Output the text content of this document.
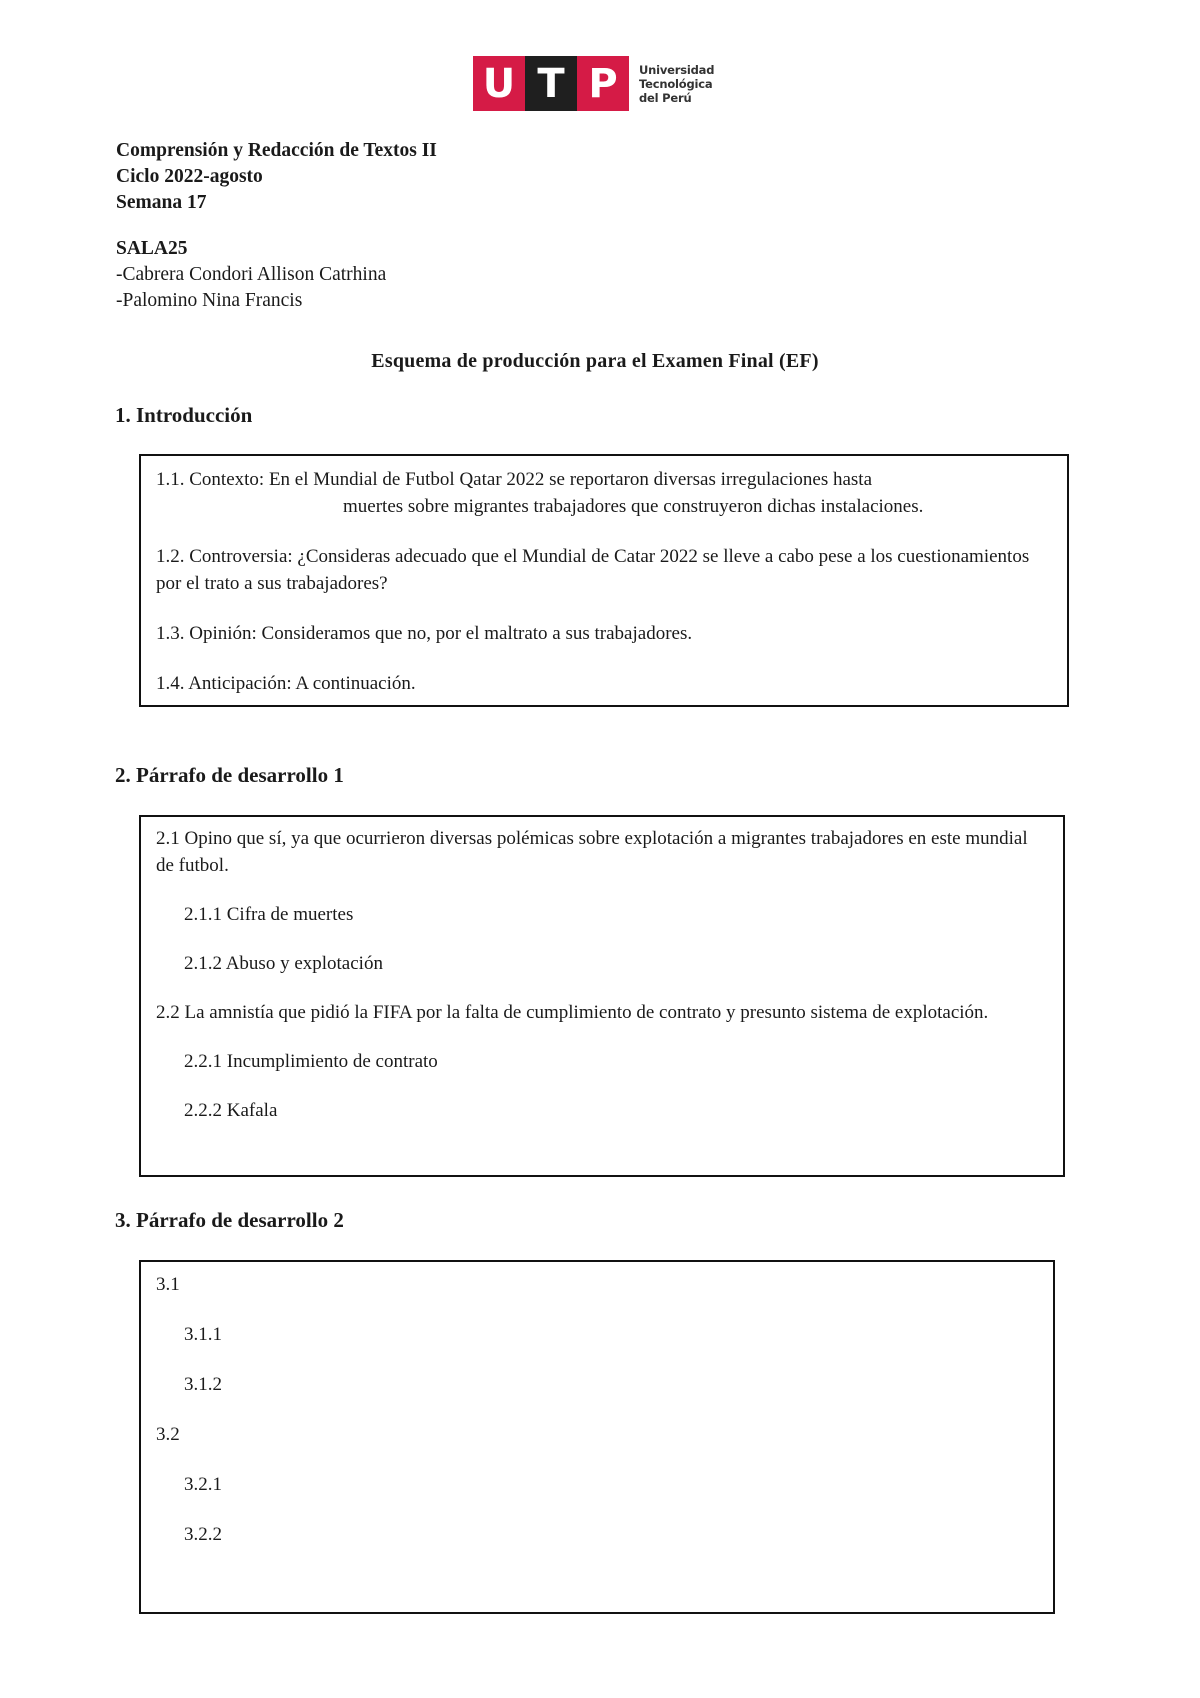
U T P	Universidad
Tecnológica
del Perú
Comprensión y Redacción de Textos II
Ciclo 2022-agosto
Semana 17
SALA25
-Cabrera Condori Allison Catrhina
-Palomino Nina Francis
Esquema de producción para el Examen Final (EF)
1. Introducción

1.1. Contexto: En el Mundial de Futbol Qatar 2022 se reportaron diversas irregulaciones hasta

muertes sobre migrantes trabajadores que construyeron dichas instalaciones.

1.2. Controversia: ¿Consideras adecuado que el Mundial de Catar 2022 se lleve a cabo pese a los cuestionamientos por el trato a sus trabajadores?

1.3. Opinión: Consideramos que no, por el maltrato a sus trabajadores.

1.4. Anticipación: A continuación.

2. Párrafo de desarrollo 1

2.1 Opino que sí, ya que ocurrieron diversas polémicas sobre explotación a migrantes trabajadores en este mundial de futbol.

2.1.1 Cifra de muertes

2.1.2 Abuso y explotación

2.2 La amnistía que pidió la FIFA por la falta de cumplimiento de contrato y presunto sistema de explotación.

2.2.1 Incumplimiento de contrato

2.2.2 Kafala

3. Párrafo de desarrollo 2

3.1

3.1.1

3.1.2

3.2

3.2.1

3.2.2
